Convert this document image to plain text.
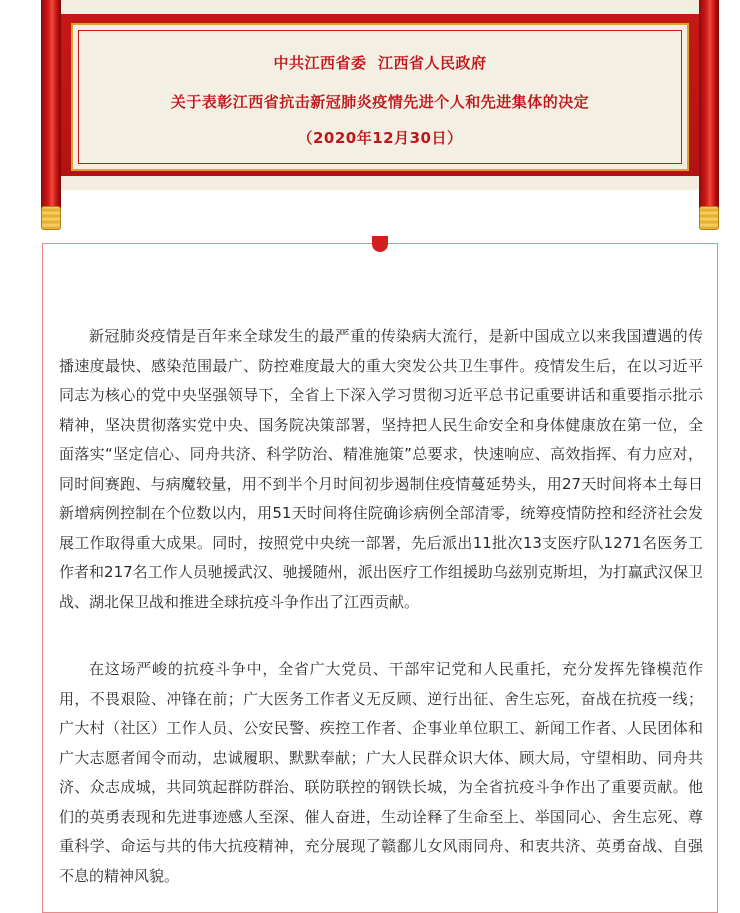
中共江西省委  江西省人民政府
关于表彰江西省抗击新冠肺炎疫情先进个人和先进集体的决定
（2020年12月30日）

新冠肺炎疫情是百年来全球发生的最严重的传染病大流行，是新中国成立以来我国遭遇的传播速度最快、感染范围最广、防控难度最大的重大突发公共卫生事件。疫情发生后，在以习近平同志为核心的党中央坚强领导下，全省上下深入学习贯彻习近平总书记重要讲话和重要指示批示精神，坚决贯彻落实党中央、国务院决策部署，坚持把人民生命安全和身体健康放在第一位，全面落实“坚定信心、同舟共济、科学防治、精准施策”总要求，快速响应、高效指挥、有力应对，同时间赛跑、与病魔较量，用不到半个月时间初步遏制住疫情蔓延势头，用27天时间将本土每日新增病例控制在个位数以内，用51天时间将住院确诊病例全部清零，统筹疫情防控和经济社会发展工作取得重大成果。同时，按照党中央统一部署，先后派出11批次13支医疗队1271名医务工作者和217名工作人员驰援武汉、驰援随州，派出医疗工作组援助乌兹别克斯坦，为打赢武汉保卫战、湖北保卫战和推进全球抗疫斗争作出了江西贡献。

在这场严峻的抗疫斗争中，全省广大党员、干部牢记党和人民重托，充分发挥先锋模范作用，不畏艰险、冲锋在前；广大医务工作者义无反顾、逆行出征、舍生忘死，奋战在抗疫一线；广大村（社区）工作人员、公安民警、疾控工作者、企事业单位职工、新闻工作者、人民团体和广大志愿者闻令而动，忠诚履职、默默奉献；广大人民群众识大体、顾大局，守望相助、同舟共济、众志成城，共同筑起群防群治、联防联控的钢铁长城，为全省抗疫斗争作出了重要贡献。他们的英勇表现和先进事迹感人至深、催人奋进，生动诠释了生命至上、举国同心、舍生忘死、尊重科学、命运与共的伟大抗疫精神，充分展现了赣鄱儿女风雨同舟、和衷共济、英勇奋战、自强不息的精神风貌。
